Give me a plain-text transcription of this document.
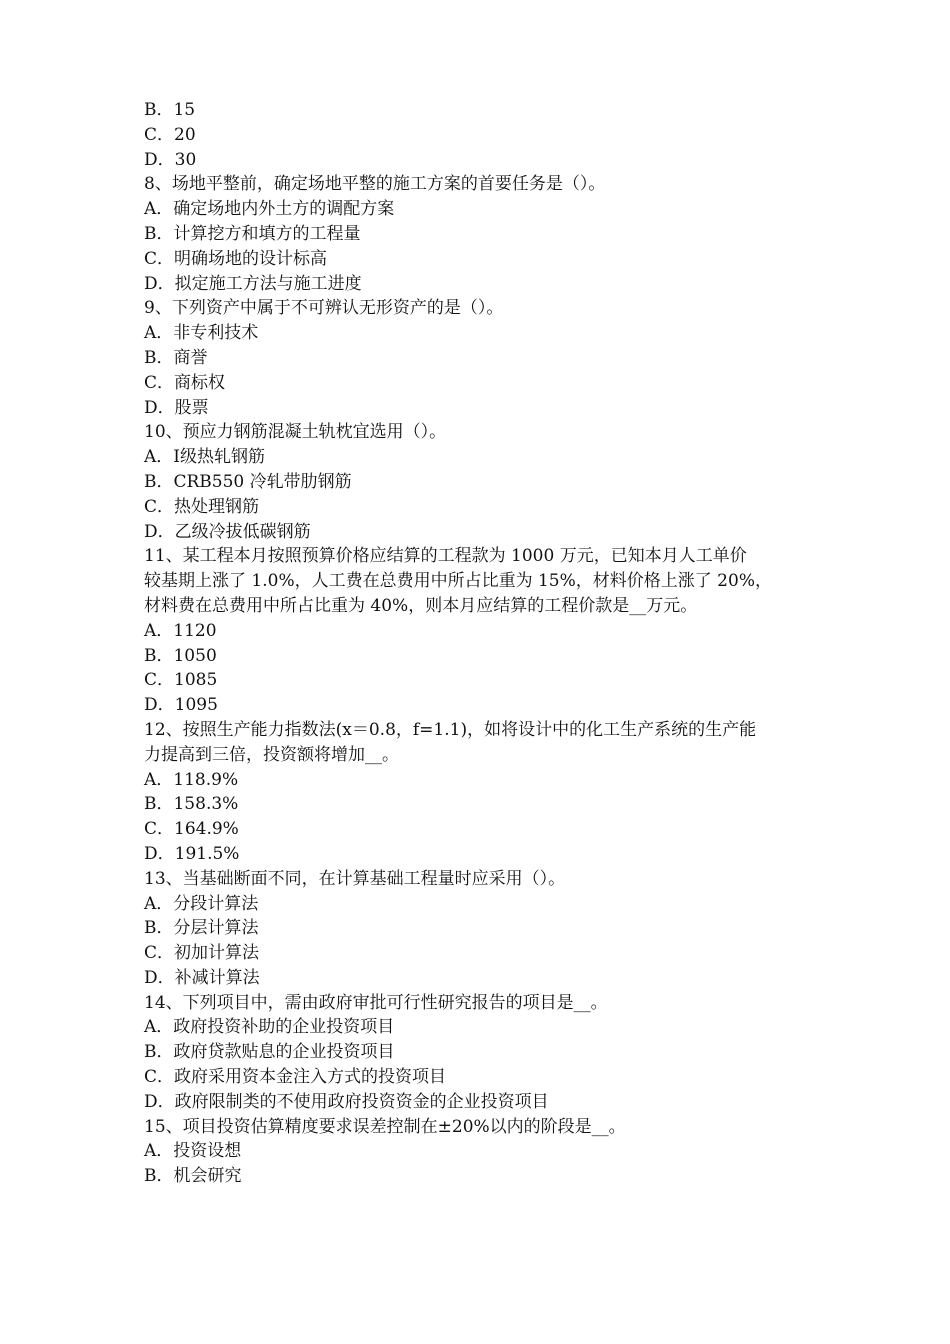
B．15

C．20

D．30

8、场地平整前，确定场地平整的施工方案的首要任务是（）。

A．确定场地内外土方的调配方案

B．计算挖方和填方的工程量

C．明确场地的设计标高

D．拟定施工方法与施工进度

9、下列资产中属于不可辨认无形资产的是（）。

A．非专利技术

B．商誉

C．商标权

D．股票

10、预应力钢筋混凝土轨枕宜选用（）。

A．Ⅰ级热轧钢筋

B．CRB550 冷轧带肋钢筋

C．热处理钢筋

D．乙级冷拔低碳钢筋

11、某工程本月按照预算价格应结算的工程款为 1000 万元，已知本月人工单价

较基期上涨了 1.0%，人工费在总费用中所占比重为 15%，材料价格上涨了 20%，

材料费在总费用中所占比重为 40%，则本月应结算的工程价款是__万元。

A．1120

B．1050

C．1085

D．1095

12、按照生产能力指数法(x＝0.8，f=1.1)，如将设计中的化工生产系统的生产能

力提高到三倍，投资额将增加__。

A．118.9%

B．158.3%

C．164.9%

D．191.5%

13、当基础断面不同，在计算基础工程量时应采用（）。

A．分段计算法

B．分层计算法

C．初加计算法

D．补减计算法

14、下列项目中，需由政府审批可行性研究报告的项目是__。

A．政府投资补助的企业投资项目

B．政府贷款贴息的企业投资项目

C．政府采用资本金注入方式的投资项目

D．政府限制类的不使用政府投资资金的企业投资项目

15、项目投资估算精度要求误差控制在±20%以内的阶段是__。

A．投资设想

B．机会研究
